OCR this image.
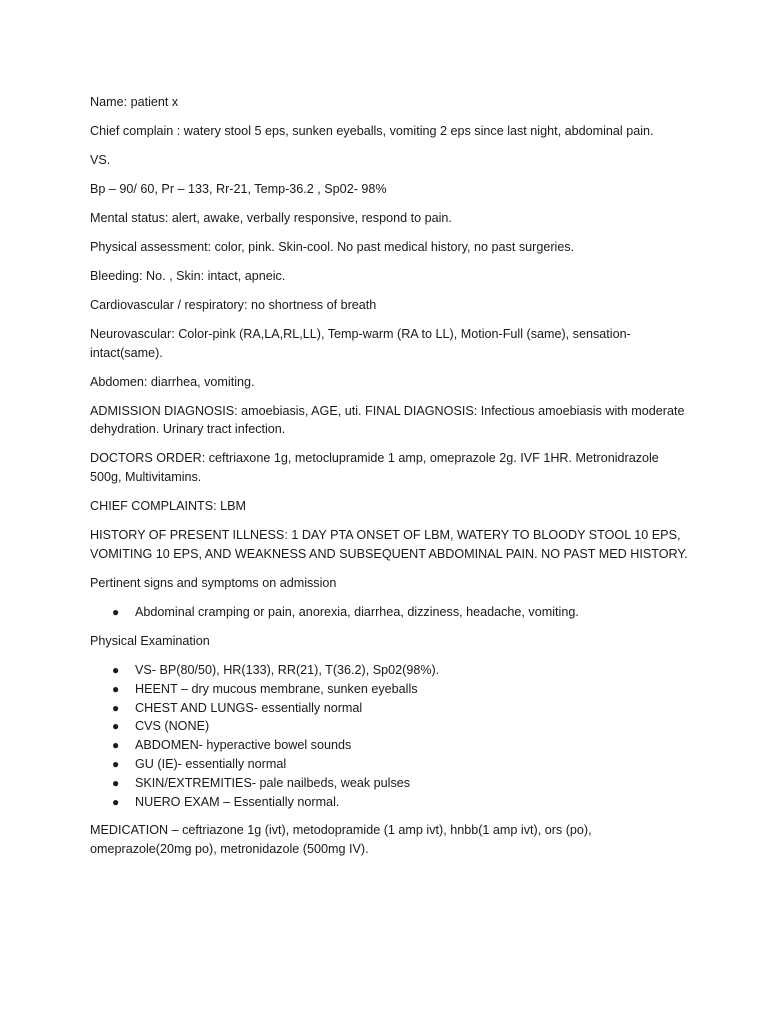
Name: patient x

Chief complain : watery stool 5 eps, sunken eyeballs, vomiting 2 eps since last night, abdominal pain.

VS.

Bp – 90/ 60, Pr – 133, Rr-21, Temp-36.2 , Sp02- 98%

Mental status: alert, awake, verbally responsive, respond to pain.

Physical assessment: color, pink. Skin-cool. No past medical history, no past surgeries.

Bleeding: No. , Skin: intact, apneic.

Cardiovascular / respiratory: no shortness of breath

Neurovascular: Color-pink (RA,LA,RL,LL), Temp-warm (RA to LL), Motion-Full (same), sensation-intact(same).

Abdomen: diarrhea, vomiting.

ADMISSION DIAGNOSIS: amoebiasis, AGE, uti. FINAL DIAGNOSIS: Infectious amoebiasis with moderate dehydration. Urinary tract infection.

DOCTORS ORDER: ceftriaxone 1g, metoclupramide 1 amp, omeprazole 2g. IVF 1HR. Metronidrazole 500g, Multivitamins.

CHIEF COMPLAINTS: LBM

HISTORY OF PRESENT ILLNESS: 1 DAY PTA ONSET OF LBM, WATERY TO BLOODY STOOL 10 EPS, VOMITING 10 EPS, AND WEAKNESS AND SUBSEQUENT ABDOMINAL PAIN. NO PAST MED HISTORY.

Pertinent signs and symptoms on admission

● Abdominal cramping or pain, anorexia, diarrhea, dizziness, headache, vomiting.

Physical Examination

● VS- BP(80/50), HR(133), RR(21), T(36.2), Sp02(98%).
● HEENT – dry mucous membrane, sunken eyeballs
● CHEST AND LUNGS- essentially normal
● CVS (NONE)
● ABDOMEN- hyperactive bowel sounds
● GU (IE)- essentially normal
● SKIN/EXTREMITIES- pale nailbeds, weak pulses
● NUERO EXAM – Essentially normal.

MEDICATION – ceftriazone 1g (ivt), metodopramide (1 amp ivt), hnbb(1 amp ivt), ors (po), omeprazole(20mg po), metronidazole (500mg IV).
